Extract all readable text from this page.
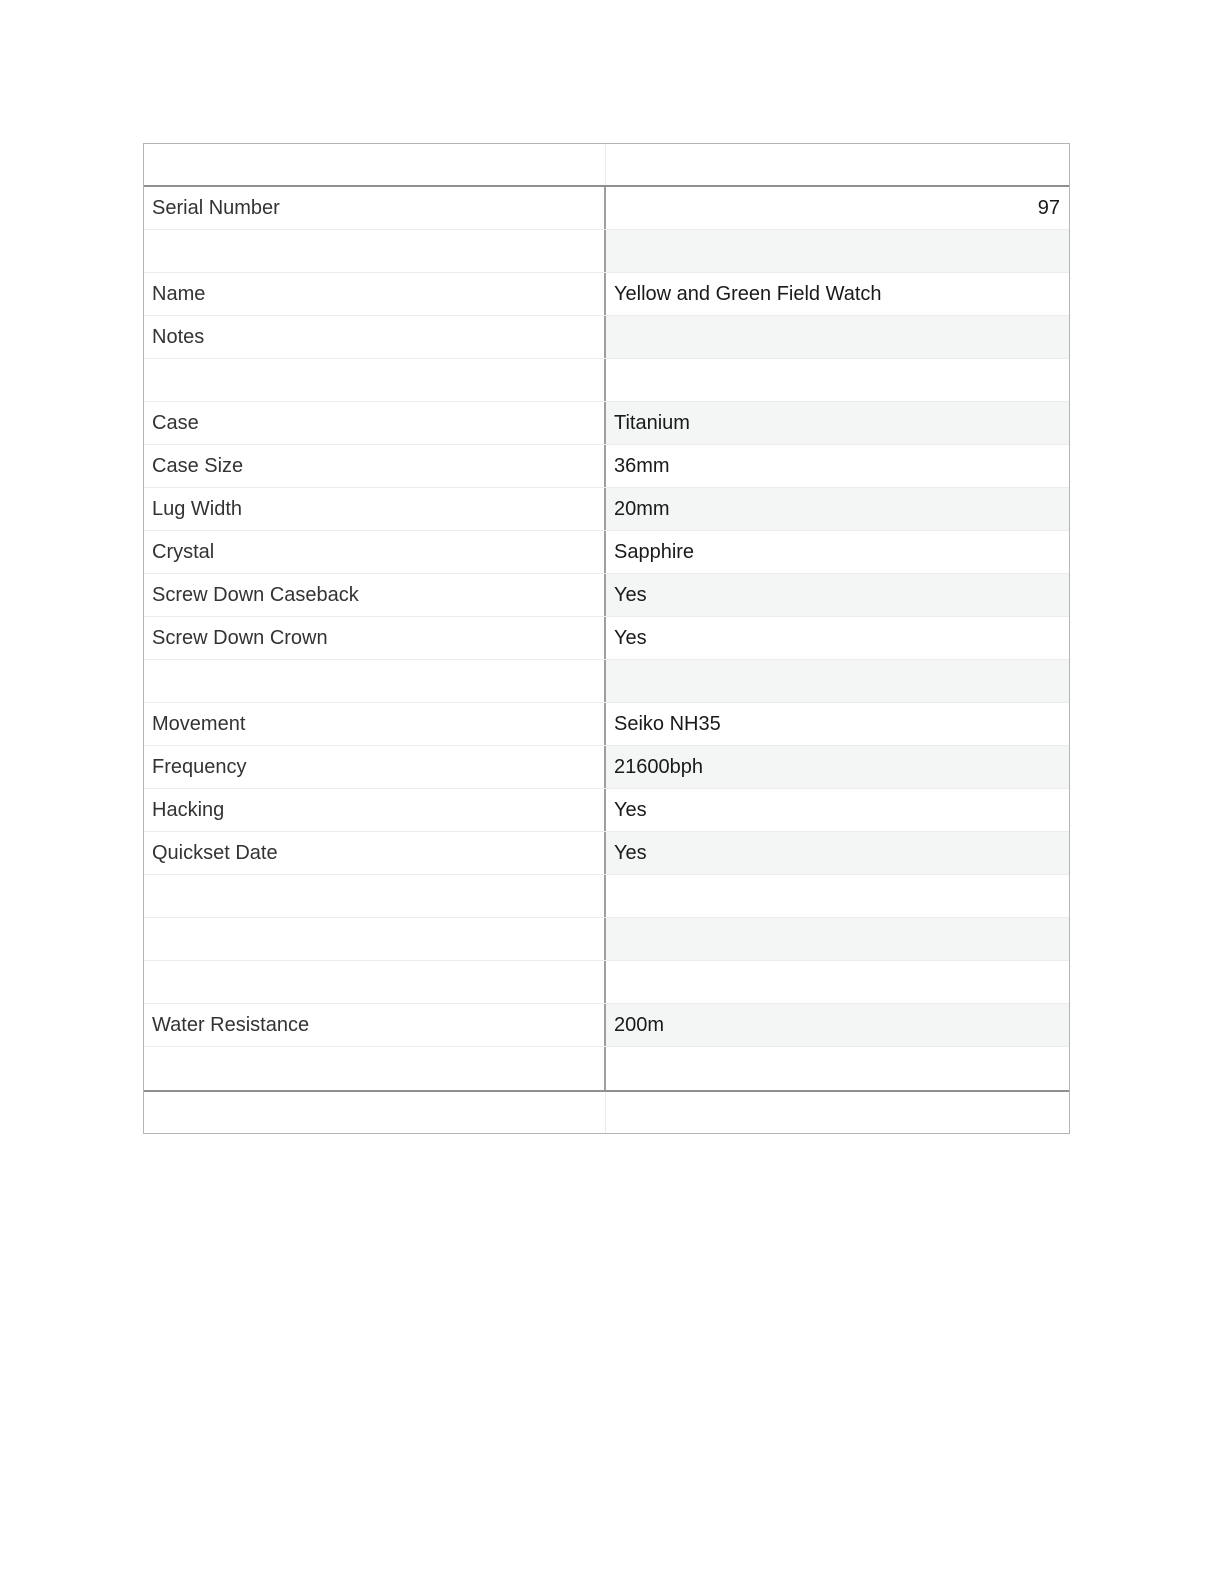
Serial Number	97
Name	Yellow and Green Field Watch
Notes
Case	Titanium
Case Size	36mm
Lug Width	20mm
Crystal	Sapphire
Screw Down Caseback	Yes
Screw Down Crown	Yes
Movement	Seiko NH35
Frequency	21600bph
Hacking	Yes
Quickset Date	Yes
Water Resistance	200m
